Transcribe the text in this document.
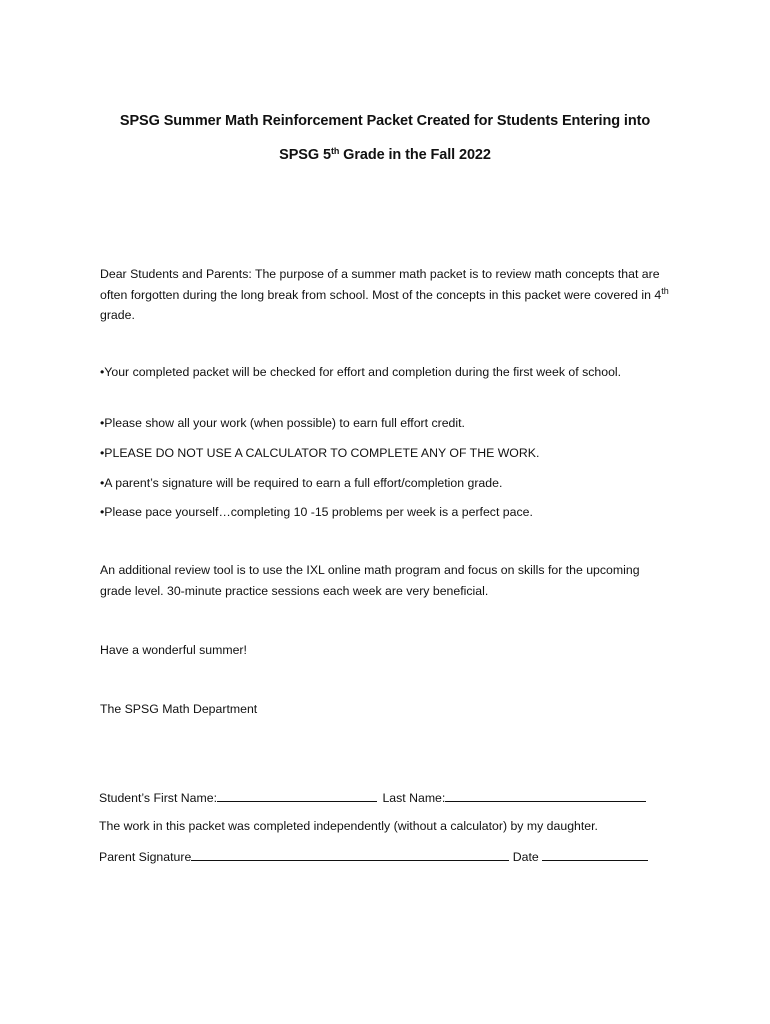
SPSG Summer Math Reinforcement Packet Created for Students Entering into
SPSG 5th Grade in the Fall 2022
Dear Students and Parents: The purpose of a summer math packet is to review math concepts that are often forgotten during the long break from school. Most of the concepts in this packet were covered in 4th grade.
•Your completed packet will be checked for effort and completion during the first week of school.
•Please show all your work (when possible) to earn full effort credit.
•PLEASE DO NOT USE A CALCULATOR TO COMPLETE ANY OF THE WORK.
•A parent’s signature will be required to earn a full effort/completion grade.
•Please pace yourself…completing 10 -15 problems per week is a perfect pace.
An additional review tool is to use the IXL online math program and focus on skills for the upcoming grade level. 30-minute practice sessions each week are very beneficial.
Have a wonderful summer!
The SPSG Math Department
Student’s First Name:	Last Name:
The work in this packet was completed independently (without a calculator) by my daughter.
Parent Signature	Date
